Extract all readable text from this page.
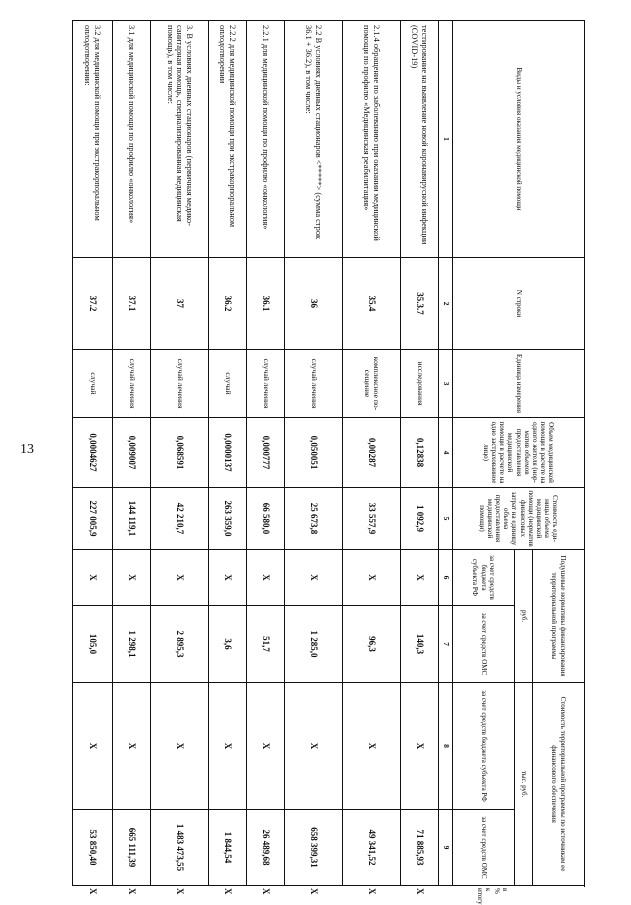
13
Виды и условия оказания медицинской помощи	N строки	Единица измерения	Объем медицинской помощи в расчете на одного жителя (норматив объемов предоставления медицинской помощи в расчете на одно застрахованное лицо)	Стоимость единицы объема медицинской помощи (норматив финансовых затрат на единицу объема предоставления медицинской помощи)	Подушевые нормативы финансирования территориальной программы		Стоимость территориальной программы по источникам ее финансового обеспечения		
					руб.		тыс. руб.		в % к итогу
					за счет средств бюджета субъекта РФ	за счет средств ОМС	за счет средств бюджета субъекта РФ	за счет средств ОМС	
1	2	3	4	5	6	7	8	9	
тестирование на выявление новой коронавирусной инфекции (COVID-19)	35.3.7	исследования	0,12838	1 092,9	Х	140,3	Х	71 885,93	Х
2.1.4 обращение по заболеванию при оказании медицинской помощи по профилю «Медицинская реабилитация»	35.4	комплексное посещение	0,00287	33 557,9	Х	96,3	Х	49 341,52	Х
2.2 В условиях дневных стационаров <*****> (сумма строк 36.1 + 36.2), в том числе:	36	случай лечения	0,050051	25 673,8	Х	1 285,0	Х	658 399,31	Х
2.2.1 для медицинской помощи по профилю «онкология»	36.1	случай лечения	0,000777	66 580,0	Х	51,7	Х	26 489,68	Х
2.2.2 для медицинской помощи при экстракорпоральном оплодотворении	36.2	случай	0,0000137	263 359,0	Х	3,6	Х	1 844,54	Х
3. В условиях дневных стационаров (первичная медико-санитарная помощь, специализированная медицинская помощь), в том числе:	37	случай лечения	0,068591	42 210,7	Х	2 895,3	Х	1 483 473,55	Х
3.1 для медицинской помощи по профилю «онкология»	37.1	случай лечения	0,009007	144 119,1	Х	1 298,1	Х	665 111,39	Х
3.2 для медицинской помощи при экстракорпоральном оплодотворении:	37.2	случай	0,0004627	227 005,9	Х	105,0	Х	53 850,40	Х
